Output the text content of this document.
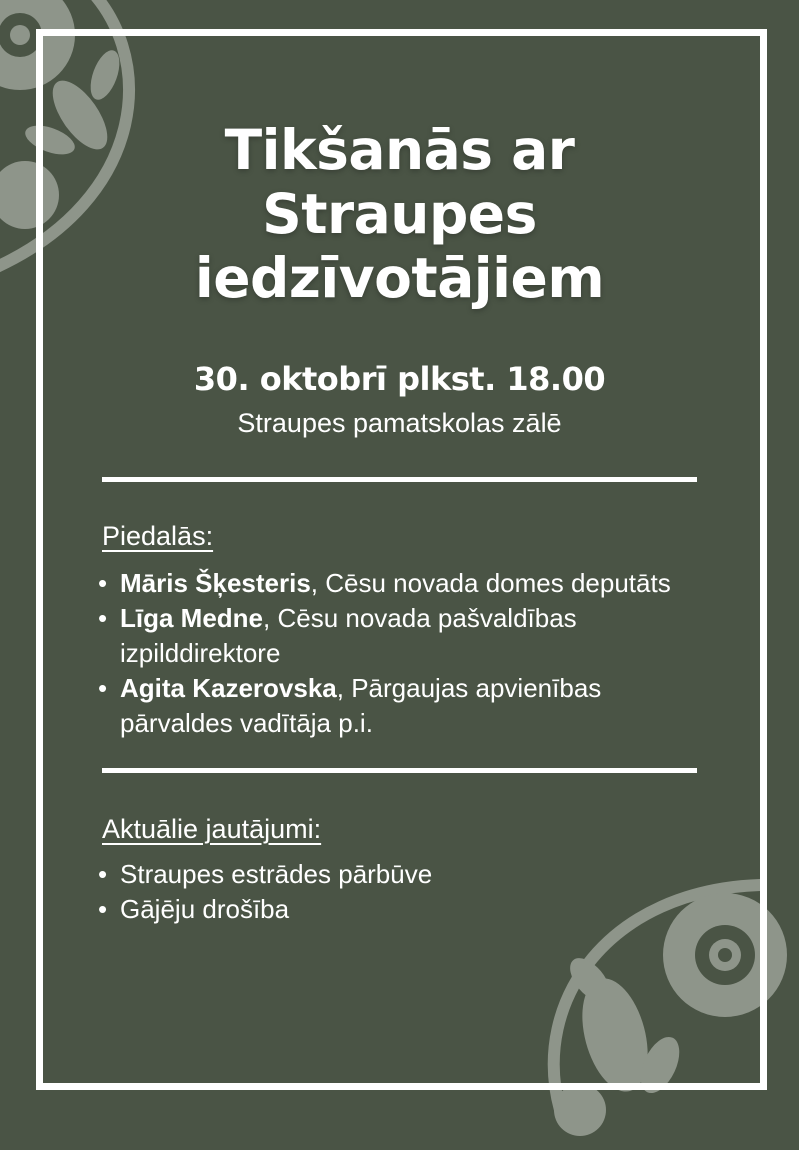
Tikšanās ar
Straupes
iedzīvotājiem
30. oktobrī plkst. 18.00
Straupes pamatskolas zālē
Piedalās:
• Māris Šķesteris, Cēsu novada domes deputāts
• Līga Medne, Cēsu novada pašvaldības izpilddirektore
• Agita Kazerovska, Pārgaujas apvienības pārvaldes vadītāja p.i.
Aktuālie jautājumi:
• Straupes estrādes pārbūve
• Gājēju drošība
